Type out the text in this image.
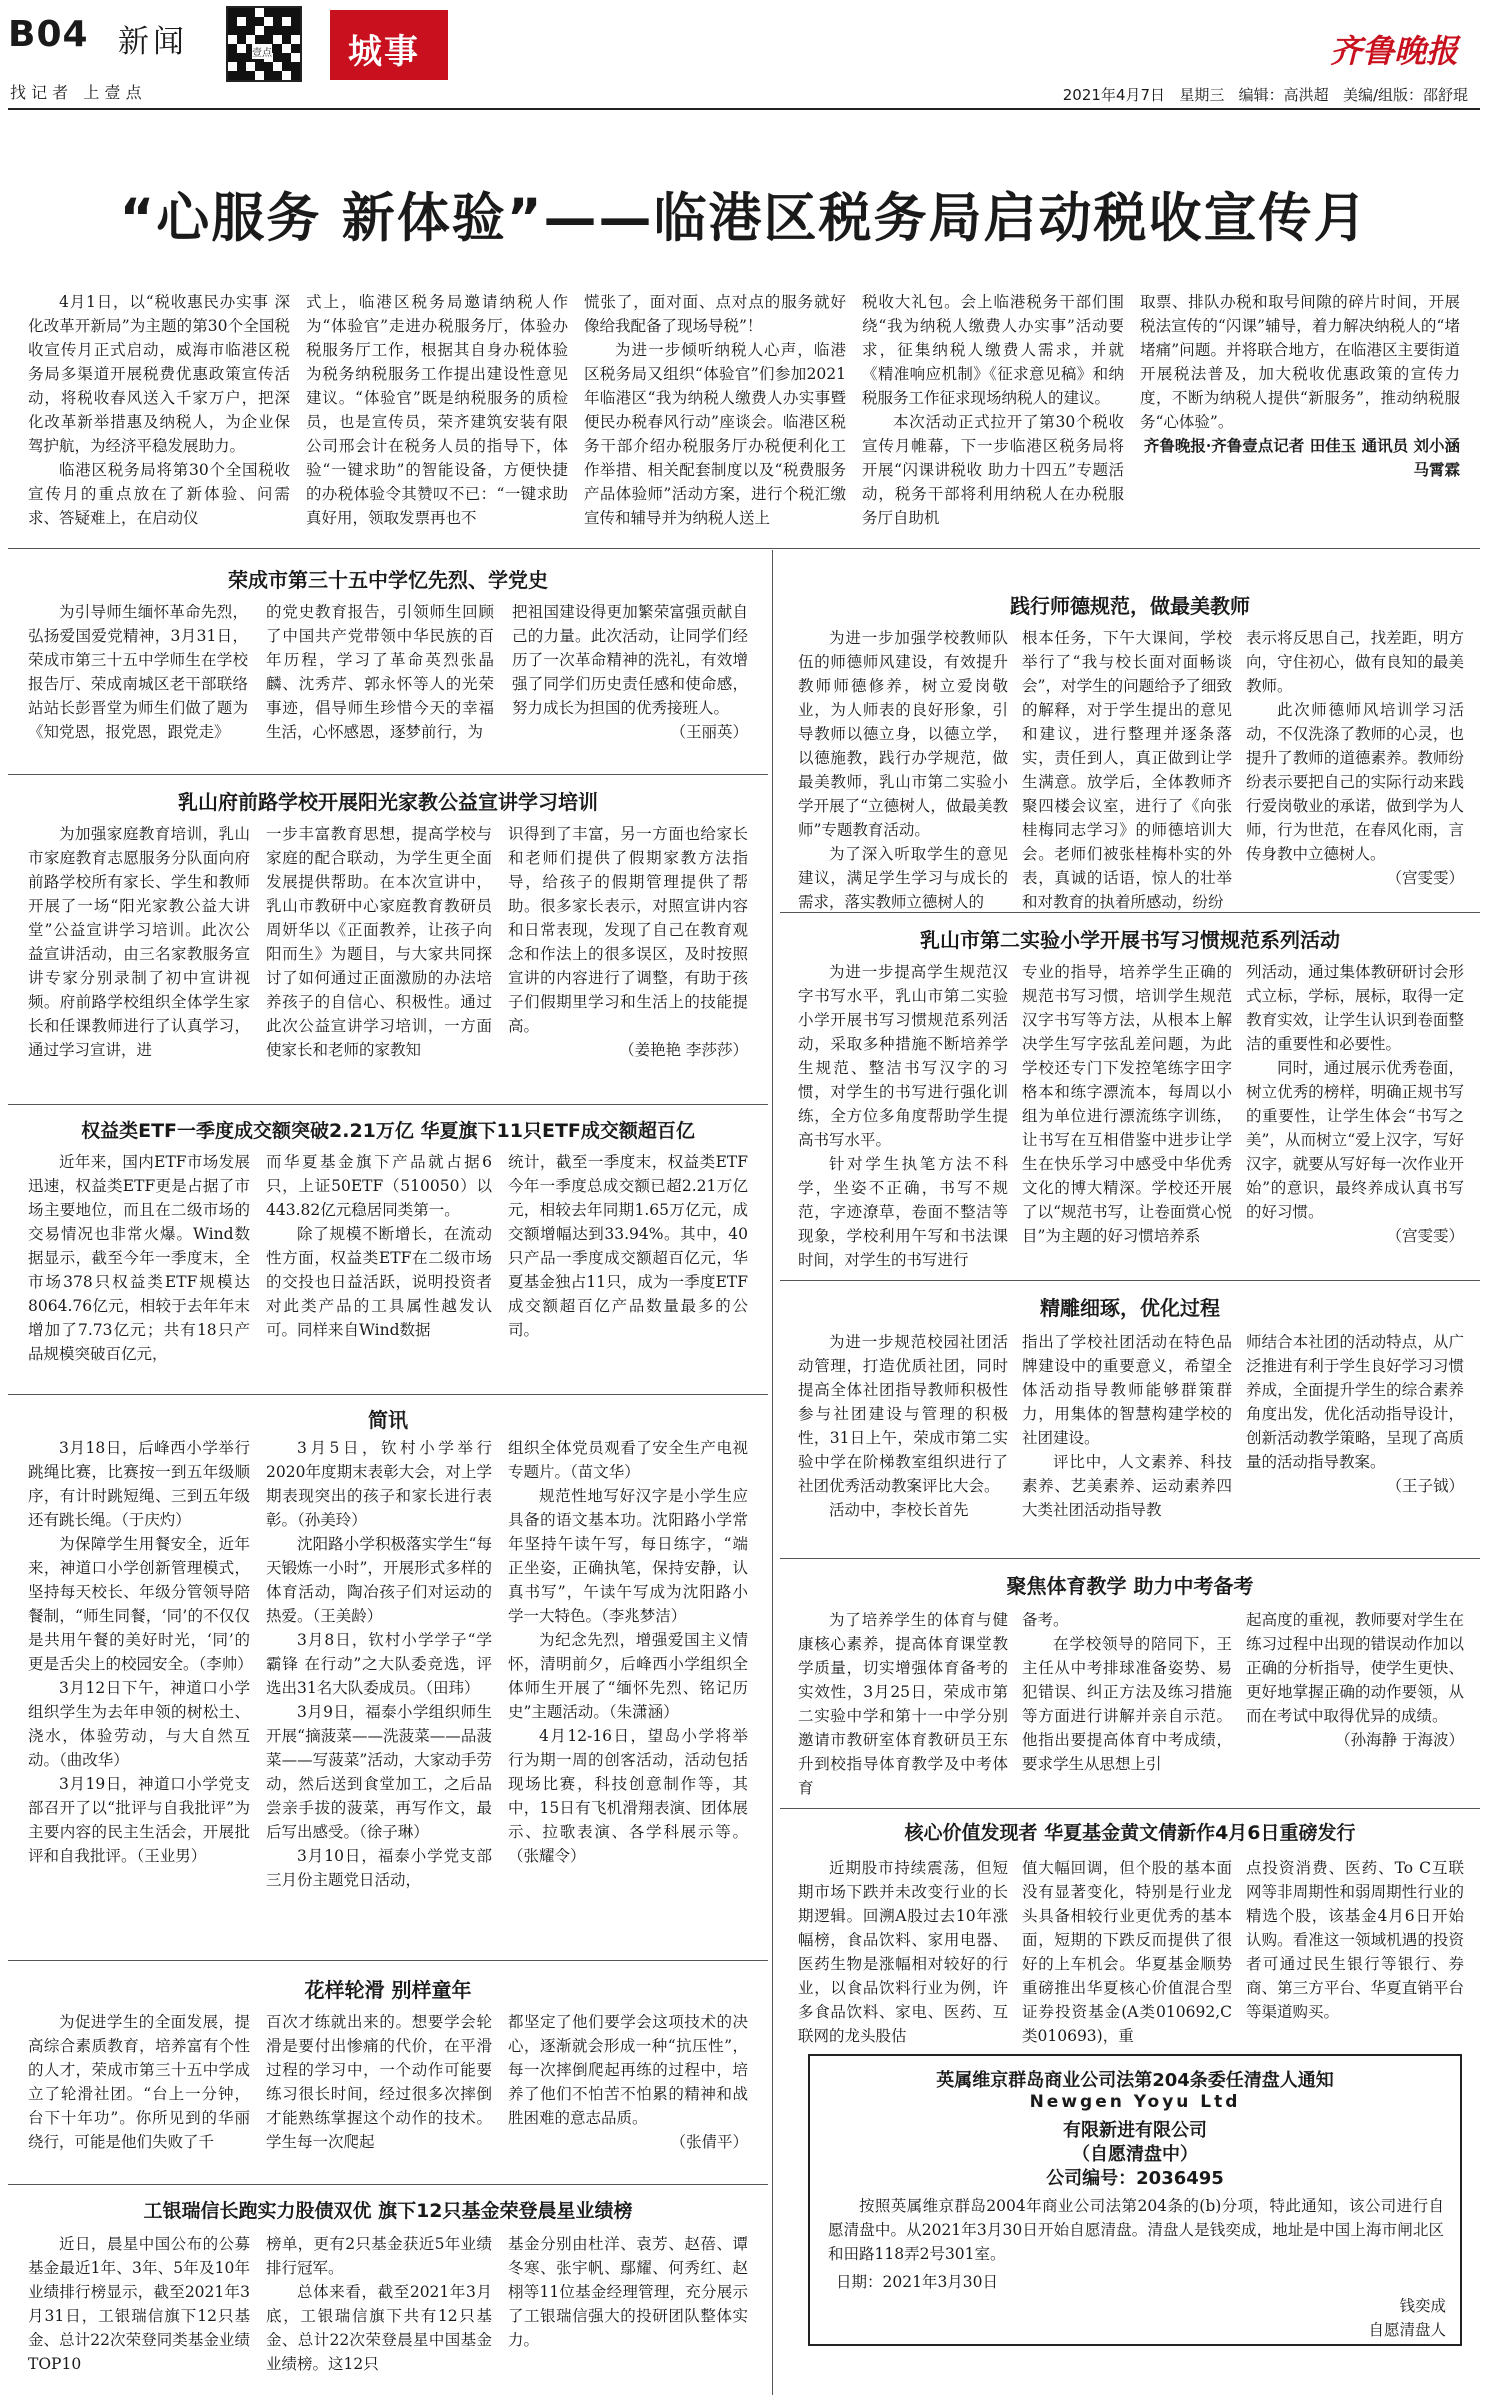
B04 新闻
找 记 者   上 壹 点
壹点 城事	齐鲁晚报
2021年4月7日   星期三   编辑：高洪超   美编/组版：邵舒琨
“心服务 新体验”——临港区税务局启动税收宣传月

4月1日，以“税收惠民办实事 深化改革开新局”为主题的第30个全国税收宣传月正式启动，威海市临港区税务局多渠道开展税费优惠政策宣传活动，将税收春风送入千家万户，把深化改革新举措惠及纳税人，为企业保驾护航，为经济平稳发展助力。

临港区税务局将第30个全国税收宣传月的重点放在了新体验、问需求、答疑难上，在启动仪

式上，临港区税务局邀请纳税人作为“体验官”走进办税服务厅，体验办税服务厅工作，根据其自身办税体验为税务纳税服务工作提出建设性意见建议。“体验官”既是纳税服务的质检员，也是宣传员，荣齐建筑安装有限公司邢会计在税务人员的指导下，体验“一键求助”的智能设备，方便快捷的办税体验令其赞叹不已：“一键求助真好用，领取发票再也不

慌张了，面对面、点对点的服务就好像给我配备了现场导税”！

为进一步倾听纳税人心声，临港区税务局又组织“体验官”们参加2021年临港区“我为纳税人缴费人办实事暨便民办税春风行动”座谈会。临港区税务干部介绍办税服务厅办税便利化工作举措、相关配套制度以及“税费服务产品体验师”活动方案，进行个税汇缴宣传和辅导并为纳税人送上

税收大礼包。会上临港税务干部们围绕“我为纳税人缴费人办实事”活动要求，征集纳税人缴费人需求，并就《精准响应机制》《征求意见稿》和纳税服务工作征求现场纳税人的建议。

本次活动正式拉开了第30个税收宣传月帷幕，下一步临港区税务局将开展“闪课讲税收 助力十四五”专题活动，税务干部将利用纳税人在办税服务厅自助机

取票、排队办税和取号间隙的碎片时间，开展税法宣传的“闪课”辅导，着力解决纳税人的“堵堵痛”问题。并将联合地方，在临港区主要街道开展税法普及，加大税收优惠政策的宣传力度，不断为纳税人提供“新服务”，推动纳税服务“心体验”。

齐鲁晚报·齐鲁壹点记者 田佳玉 通讯员 刘小涵 马霄霖

荣成市第三十五中学忆先烈、学党史

为引导师生缅怀革命先烈，弘扬爱国爱党精神，3月31日，荣成市第三十五中学师生在学校报告厅、荣成南城区老干部联络站站长彭晋堂为师生们做了题为《知党恩，报党恩，跟党走》

的党史教育报告，引领师生回顾了中国共产党带领中华民族的百年历程，学习了革命英烈张晶麟、沈秀芹、郭永怀等人的光荣事迹，倡导师生珍惜今天的幸福生活，心怀感恩，逐梦前行，为

把祖国建设得更加繁荣富强贡献自己的力量。此次活动，让同学们经历了一次革命精神的洗礼，有效增强了同学们历史责任感和使命感，努力成长为担国的优秀接班人。

（王丽英）

乳山府前路学校开展阳光家教公益宣讲学习培训

为加强家庭教育培训，乳山市家庭教育志愿服务分队面向府前路学校所有家长、学生和教师开展了一场“阳光家教公益大讲堂”公益宣讲学习培训。此次公益宣讲活动，由三名家教服务宣讲专家分别录制了初中宣讲视频。府前路学校组织全体学生家长和任课教师进行了认真学习，通过学习宣讲，进

一步丰富教育思想，提高学校与家庭的配合联动，为学生更全面发展提供帮助。在本次宣讲中，乳山市教研中心家庭教育教研员周妍华以《正面教养，让孩子向阳而生》为题目，与大家共同探讨了如何通过正面激励的办法培养孩子的自信心、积极性。通过此次公益宣讲学习培训，一方面使家长和老师的家教知

识得到了丰富，另一方面也给家长和老师们提供了假期家教方法指导，给孩子的假期管理提供了帮助。很多家长表示，对照宣讲内容和日常表现，发现了自己在教育观念和作法上的很多误区，及时按照宣讲的内容进行了调整，有助于孩子们假期里学习和生活上的技能提高。

（姜艳艳 李莎莎）

权益类ETF一季度成交额突破2.21万亿 华夏旗下11只ETF成交额超百亿

近年来，国内ETF市场发展迅速，权益类ETF更是占据了市场主要地位，而且在二级市场的交易情况也非常火爆。Wind数据显示，截至今年一季度末，全市场378只权益类ETF规模达8064.76亿元，相较于去年年末增加了7.73亿元；共有18只产品规模突破百亿元，

而华夏基金旗下产品就占据6只，上证50ETF（510050）以443.82亿元稳居同类第一。

除了规模不断增长，在流动性方面，权益类ETF在二级市场的交投也日益活跃，说明投资者对此类产品的工具属性越发认可。同样来自Wind数据

统计，截至一季度末，权益类ETF今年一季度总成交额已超2.21万亿元，相较去年同期1.65万亿元，成交额增幅达到33.94%。其中，40只产品一季度成交额超百亿元，华夏基金独占11只，成为一季度ETF成交额超百亿产品数量最多的公司。

简讯

3月18日，后峰西小学举行跳绳比赛，比赛按一到五年级顺序，有计时跳短绳、三到五年级还有跳长绳。（于庆灼）

为保障学生用餐安全，近年来，神道口小学创新管理模式，坚持每天校长、年级分管领导陪餐制，“师生同餐，‘同’的不仅仅是共用午餐的美好时光，‘同’的更是舌尖上的校园安全。（李帅）

3月12日下午，神道口小学组织学生为去年申领的树松土、浇水，体验劳动，与大自然互动。（曲改华）

3月19日，神道口小学党支部召开了以“批评与自我批评”为主要内容的民主生活会，开展批评和自我批评。（王业男）

3月5日，钦村小学举行2020年度期末表彰大会，对上学期表现突出的孩子和家长进行表彰。（孙美玲）

沈阳路小学积极落实学生“每天锻炼一小时”，开展形式多样的体育活动，陶冶孩子们对运动的热爱。（王美龄）

3月8日，钦村小学学子“学霸锋 在行动”之大队委竞选，评选出31名大队委成员。（田玮）

3月9日，福泰小学组织师生开展“摘菠菜——洗菠菜——品菠菜——写菠菜”活动，大家动手劳动，然后送到食堂加工，之后品尝亲手拔的菠菜，再写作文，最后写出感受。（徐子琳）

3月10日，福泰小学党支部三月份主题党日活动，

组织全体党员观看了安全生产电视专题片。（苗文华）

规范性地写好汉字是小学生应具备的语文基本功。沈阳路小学常年坚持午读午写，每日练字，“端正坐姿，正确执笔，保持安静，认真书写”，午读午写成为沈阳路小学一大特色。（李兆梦洁）

为纪念先烈，增强爱国主义情怀，清明前夕，后峰西小学组织全体师生开展了“缅怀先烈、铭记历史”主题活动。（朱潇涵）

4月12-16日，望岛小学将举行为期一周的创客活动，活动包括现场比赛，科技创意制作等，其中，15日有飞机滑翔表演、团体展示、拉歌表演、各学科展示等。（张耀令）

花样轮滑 别样童年

为促进学生的全面发展，提高综合素质教育，培养富有个性的人才，荣成市第三十五中学成立了轮滑社团。“台上一分钟，台下十年功”。你所见到的华丽绕行，可能是他们失败了千

百次才练就出来的。想要学会轮滑是要付出惨痛的代价，在平滑过程的学习中，一个动作可能要练习很长时间，经过很多次摔倒才能熟练掌握这个动作的技术。学生每一次爬起

都坚定了他们要学会这项技术的决心，逐渐就会形成一种“抗压性”，每一次摔倒爬起再练的过程中，培养了他们不怕苦不怕累的精神和战胜困难的意志品质。

（张倩平）

工银瑞信长跑实力股债双优 旗下12只基金荣登晨星业绩榜

近日，晨星中国公布的公募基金最近1年、3年、5年及10年业绩排行榜显示，截至2021年3月31日，工银瑞信旗下12只基金、总计22次荣登同类基金业绩TOP10

榜单，更有2只基金获近5年业绩排行冠军。

总体来看，截至2021年3月底，工银瑞信旗下共有12只基金、总计22次荣登晨星中国基金业绩榜。这12只

基金分别由杜洋、袁芳、赵蓓、谭冬寒、张宇帆、鄢耀、何秀红、赵栩等11位基金经理管理，充分展示了工银瑞信强大的投研团队整体实力。

践行师德规范，做最美教师

为进一步加强学校教师队伍的师德师风建设，有效提升教师师德修养，树立爱岗敬业，为人师表的良好形象，引导教师以德立身，以德立学，以德施教，践行办学规范，做最美教师，乳山市第二实验小学开展了“立德树人，做最美教师”专题教育活动。

为了深入听取学生的意见建议，满足学生学习与成长的需求，落实教师立德树人的

根本任务，下午大课间，学校举行了“我与校长面对面畅谈会”，对学生的问题给予了细致的解释，对于学生提出的意见和建议，进行整理并逐条落实，责任到人，真正做到让学生满意。放学后，全体教师齐聚四楼会议室，进行了《向张桂梅同志学习》的师德培训大会。老师们被张桂梅朴实的外表，真诚的话语，惊人的壮举和对教育的执着所感动，纷纷

表示将反思自己，找差距，明方向，守住初心，做有良知的最美教师。

此次师德师风培训学习活动，不仅洗涤了教师的心灵，也提升了教师的道德素养。教师纷纷表示要把自己的实际行动来践行爱岗敬业的承诺，做到学为人师，行为世范，在春风化雨，言传身教中立德树人。

（宫雯雯）

乳山市第二实验小学开展书写习惯规范系列活动

为进一步提高学生规范汉字书写水平，乳山市第二实验小学开展书写习惯规范系列活动，采取多种措施不断培养学生规范、整洁书写汉字的习惯，对学生的书写进行强化训练，全方位多角度帮助学生提高书写水平。

针对学生执笔方法不科学，坐姿不正确，书写不规范，字迹潦草，卷面不整洁等现象，学校利用午写和书法课时间，对学生的书写进行

专业的指导，培养学生正确的规范书写习惯，培训学生规范汉字书写等方法，从根本上解决学生写字弦乱差问题，为此学校还专门下发控笔练字田字格本和练字漂流本，每周以小组为单位进行漂流练字训练，让书写在互相借鉴中进步让学生在快乐学习中感受中华优秀文化的博大精深。学校还开展了以“规范书写，让卷面赏心悦目”为主题的好习惯培养系

列活动，通过集体教研研讨会形式立标，学标，展标，取得一定教育实效，让学生认识到卷面整洁的重要性和必要性。

同时，通过展示优秀卷面，树立优秀的榜样，明确正规书写的重要性，让学生体会“书写之美”，从而树立“爱上汉字，写好汉字，就要从写好每一次作业开始”的意识，最终养成认真书写的好习惯。

（宫雯雯）

精雕细琢，优化过程

为进一步规范校园社团活动管理，打造优质社团，同时提高全体社团指导教师积极性参与社团建设与管理的积极性，31日上午，荣成市第二实验中学在阶梯教室组织进行了社团优秀活动教案评比大会。

活动中，李校长首先

指出了学校社团活动在特色品牌建设中的重要意义，希望全体活动指导教师能够群策群力，用集体的智慧构建学校的社团建设。

评比中，人文素养、科技素养、艺美素养、运动素养四大类社团活动指导教

师结合本社团的活动特点，从广泛推进有利于学生良好学习习惯养成，全面提升学生的综合素养角度出发，优化活动指导设计，创新活动教学策略，呈现了高质量的活动指导教案。

（王子钺）

聚焦体育教学 助力中考备考

为了培养学生的体育与健康核心素养，提高体育课堂教学质量，切实增强体育备考的实效性，3月25日，荣成市第二实验中学和第十一中学分别邀请市教研室体育教研员王东升到校指导体育教学及中考体育

备考。

在学校领导的陪同下，王主任从中考排球准备姿势、易犯错误、纠正方法及练习措施等方面进行讲解并亲自示范。他指出要提高体育中考成绩，要求学生从思想上引

起高度的重视，教师要对学生在练习过程中出现的错误动作加以正确的分析指导，使学生更快、更好地掌握正确的动作要领，从而在考试中取得优异的成绩。

（孙海静 于海波）

核心价值发现者 华夏基金黄文倩新作4月6日重磅发行

近期股市持续震荡，但短期市场下跌并未改变行业的长期逻辑。回溯A股过去10年涨幅榜，食品饮料、家用电器、医药生物是涨幅相对较好的行业，以食品饮料行业为例，许多食品饮料、家电、医药、互联网的龙头股估

值大幅回调，但个股的基本面没有显著变化，特别是行业龙头具备相较行业更优秀的基本面，短期的下跌反而提供了很好的上车机会。华夏基金顺势重磅推出华夏核心价值混合型证券投资基金(A类010692,C类010693)，重

点投资消费、医药、To C互联网等非周期性和弱周期性行业的精选个股，该基金4月6日开始认购。看准这一领域机遇的投资者可通过民生银行等银行、券商、第三方平台、华夏直销平台等渠道购买。

英属维京群岛商业公司法第204条委任清盘人通知
Newgen Yoyu Ltd
有限新进有限公司
（自愿清盘中）
公司编号：2036495

按照英属维京群岛2004年商业公司法第204条的(b)分项，特此通知，该公司进行自愿清盘中。从2021年3月30日开始自愿清盘。清盘人是钱奕成，地址是中国上海市闸北区和田路118弄2号301室。

日期：2021年3月30日
钱奕成
自愿清盘人
